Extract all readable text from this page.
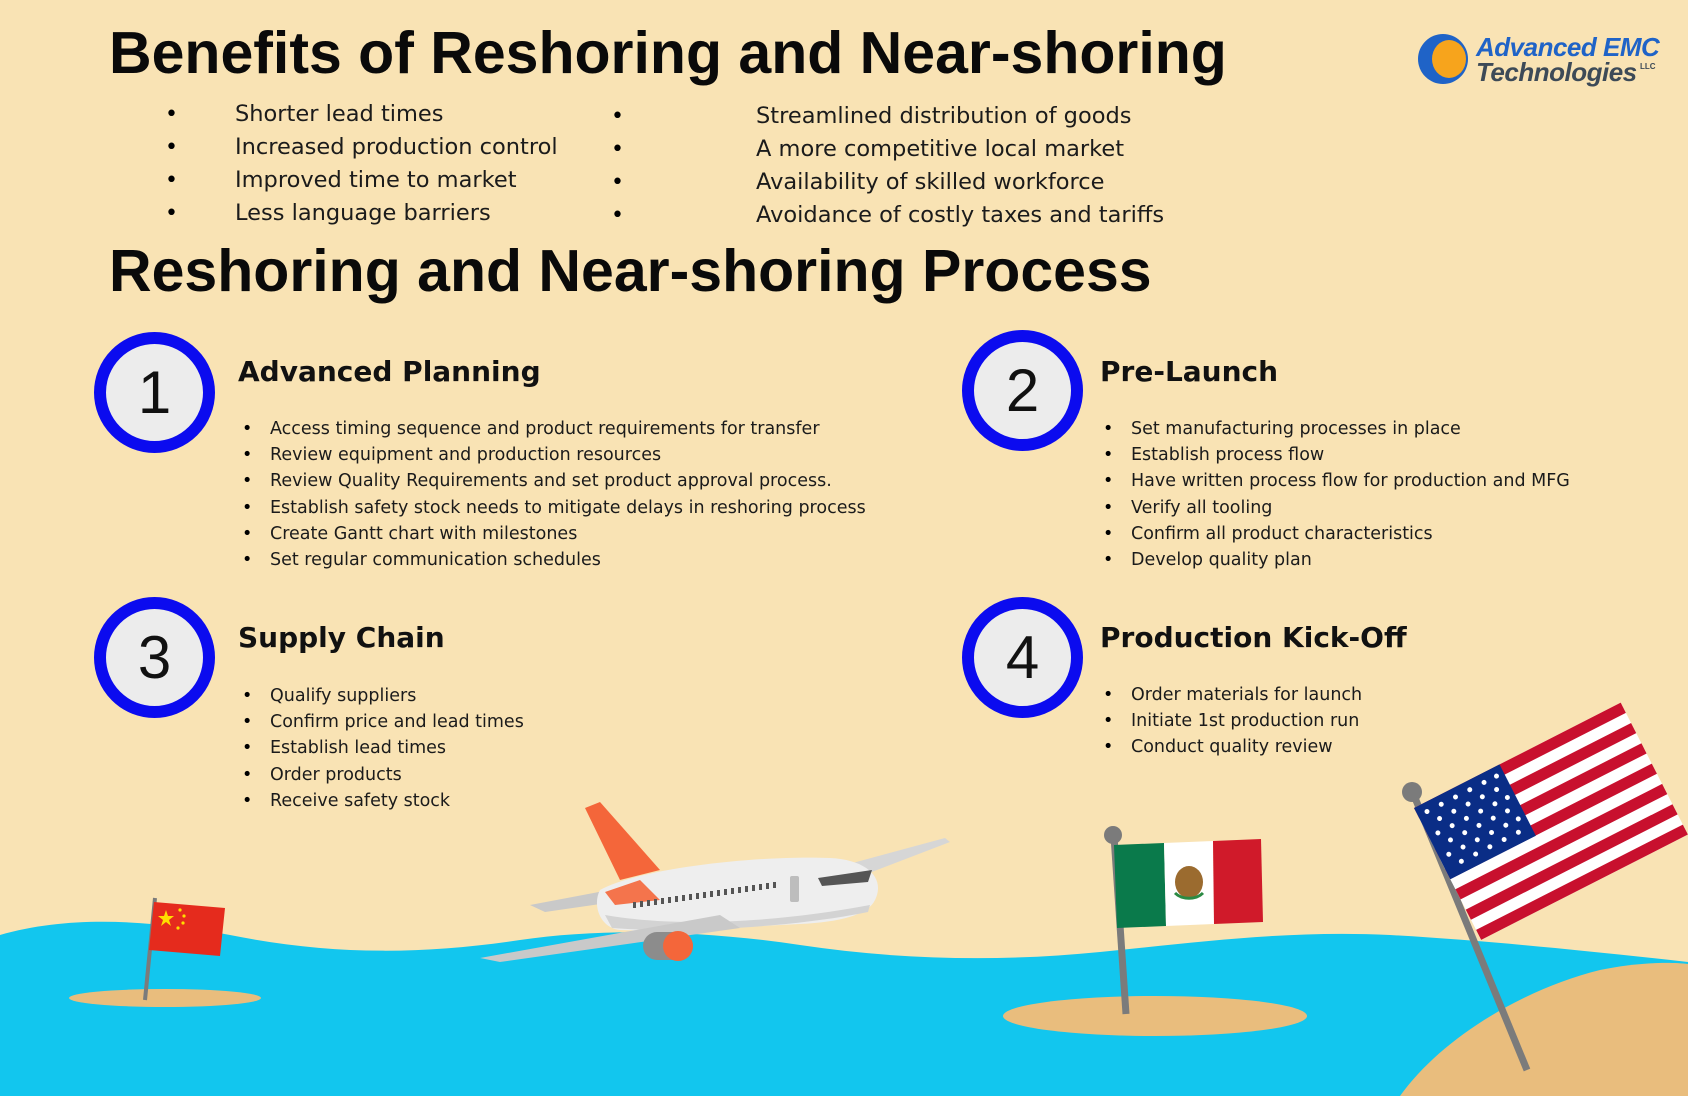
Benefits of Reshoring and Near-shoring
Reshoring and Near-shoring Process
Advanced EMC
Technologies LLC
• Shorter lead times
• Increased production control
• Improved time to market
• Less language barriers
• Streamlined distribution of goods
• A more competitive local market
• Availability of skilled workforce
• Avoidance of costly taxes and tariffs
1	Advanced Planning
• Access timing sequence and product requirements for transfer
• Review equipment and production resources
• Review Quality Requirements and set product approval process.
• Establish safety stock needs to mitigate delays in reshoring process
• Create Gantt chart with milestones
• Set regular communication schedules
2	Pre-Launch
• Set manufacturing processes in place
• Establish process flow
• Have written process flow for production and MFG
• Verify all tooling
• Confirm all product characteristics
• Develop quality plan
3	Supply Chain
• Qualify suppliers
• Confirm price and lead times
• Establish lead times
• Order products
• Receive safety stock
4	Production Kick-Off
• Order materials for launch
• Initiate 1st production run
• Conduct quality review
